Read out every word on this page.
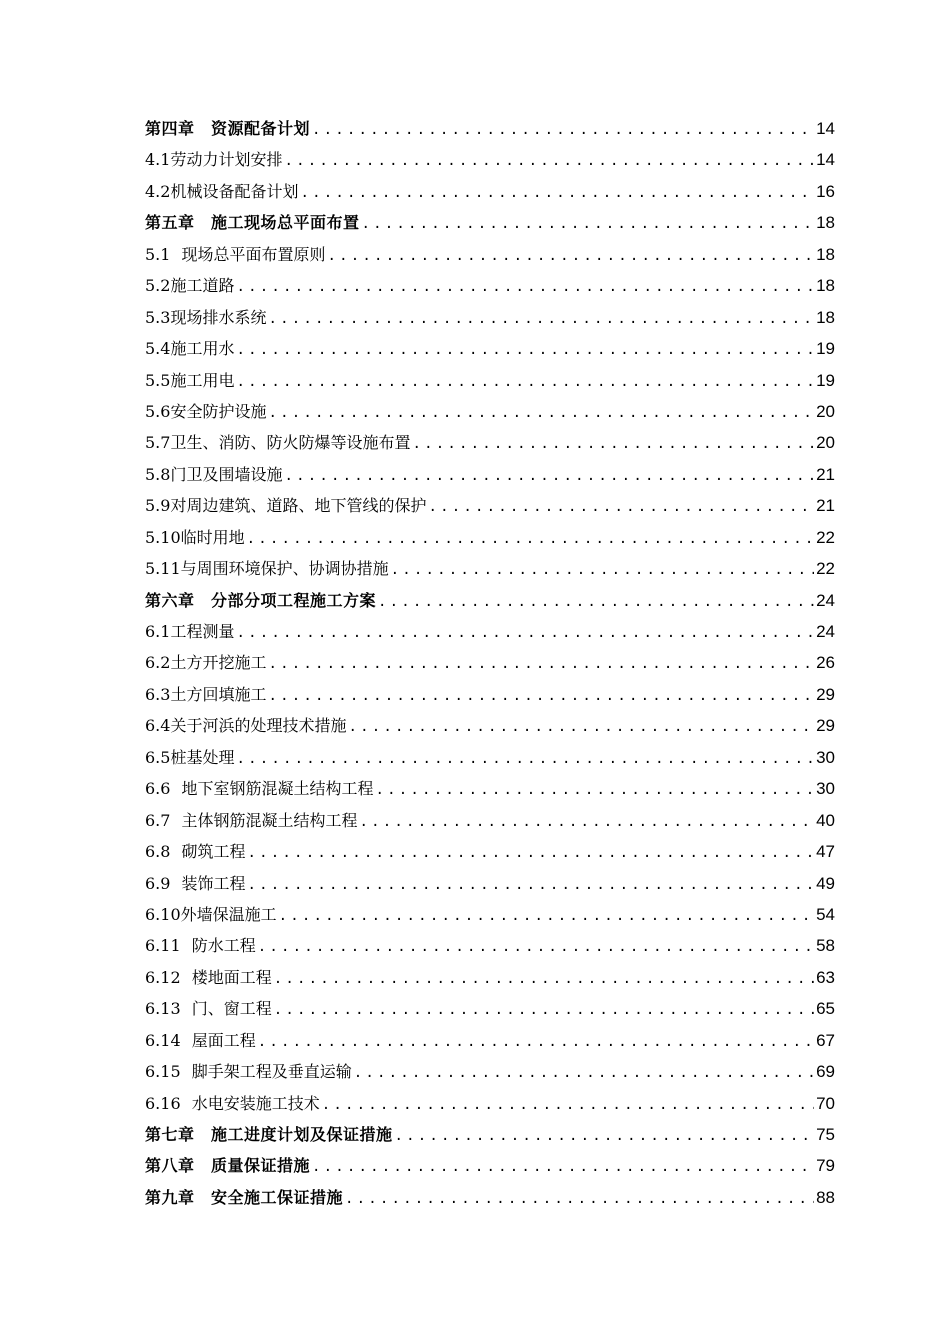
第四章　资源配备计划 .....	14
4.1劳动力计划安排 .....	14
4.2机械设备配备计划 .....	16
第五章　施工现场总平面布置 .....	18
5.1 现场总平面布置原则 .....	18
5.2施工道路 .....	18
5.3现场排水系统 .....	18
5.4施工用水 .....	19
5.5施工用电 .....	19
5.6安全防护设施 .....	20
5.7卫生、消防、防火防爆等设施布置 .....	20
5.8门卫及围墙设施 .....	21
5.9对周边建筑、道路、地下管线的保护 .....	21
5.10临时用地 .....	22
5.11与周围环境保护、协调协措施 .....	22
第六章　分部分项工程施工方案 .....	24
6.1工程测量 .....	24
6.2土方开挖施工 .....	26
6.3土方回填施工 .....	29
6.4关于河浜的处理技术措施 .....	29
6.5桩基处理 .....	30
6.6 地下室钢筋混凝土结构工程 .....	30
6.7 主体钢筋混凝土结构工程 .....	40
6.8 砌筑工程 .....	47
6.9 装饰工程 .....	49
6.10外墙保温施工 .....	54
6.11 防水工程 .....	58
6.12 楼地面工程 .....	63
6.13 门、窗工程 .....	65
6.14 屋面工程 .....	67
6.15 脚手架工程及垂直运输 .....	69
6.16 水电安装施工技术 .....	70
第七章　施工进度计划及保证措施 .....	75
第八章　质量保证措施 .....	79
第九章　安全施工保证措施 .....	88
